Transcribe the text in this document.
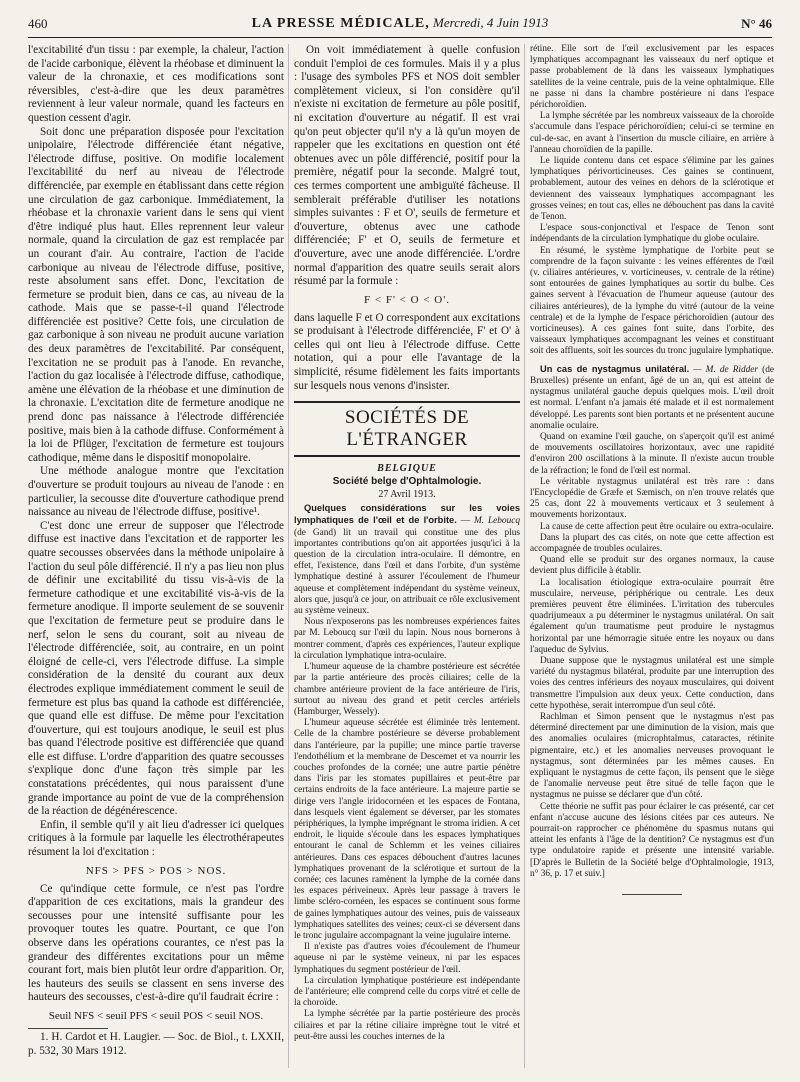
460	LA PRESSE MÉDICALE, Mercredi, 4 Juin 1913	N° 46

l'excitabilité d'un tissu : par exemple, la chaleur, l'action de l'acide carbonique, élèvent la rhéobase et diminuent la valeur de la chronaxie, et ces modifications sont réversibles, c'est-à-dire que les deux paramètres reviennent à leur valeur normale, quand les facteurs en question cessent d'agir.

Soit donc une préparation disposée pour l'excitation unipolaire, l'électrode différenciée étant négative, l'électrode diffuse, positive. On modifie localement l'excitabilité du nerf au niveau de l'électrode différenciée, par exemple en établissant dans cette région une circulation de gaz carbonique. Immédiatement, la rhéobase et la chronaxie varient dans le sens qui vient d'être indiqué plus haut. Elles reprennent leur valeur normale, quand la circulation de gaz est remplacée par un courant d'air. Au contraire, l'action de l'acide carbonique au niveau de l'électrode diffuse, positive, reste absolument sans effet. Donc, l'excitation de fermeture se produit bien, dans ce cas, au niveau de la cathode. Mais que se passe-t-il quand l'électrode différenciée est positive? Cette fois, une circulation de gaz carbonique à son niveau ne produit aucune variation des deux paramètres de l'excitabilité. Par conséquent, l'excitation ne se produit pas à l'anode. En revanche, l'action du gaz localisée à l'électrode diffuse, cathodique, amène une élévation de la rhéobase et une diminution de la chronaxie. L'excitation dite de fermeture anodique ne prend donc pas naissance à l'électrode différenciée positive, mais bien à la cathode diffuse. Conformément à la loi de Pflüger, l'excitation de fermeture est toujours cathodique, même dans le dispositif monopolaire.

Une méthode analogue montre que l'excitation d'ouverture se produit toujours au niveau de l'anode : en particulier, la secousse dite d'ouverture cathodique prend naissance au niveau de l'électrode diffuse, positive¹.

C'est donc une erreur de supposer que l'électrode diffuse est inactive dans l'excitation et de rapporter les quatre secousses observées dans la méthode unipolaire à l'action du seul pôle différencié. Il n'y a pas lieu non plus de définir une excitabilité du tissu vis-à-vis de la fermeture cathodique et une excitabilité vis-à-vis de la fermeture anodique. Il importe seulement de se souvenir que l'excitation de fermeture peut se produire dans le nerf, selon le sens du courant, soit au niveau de l'électrode différenciée, soit, au contraire, en un point éloigné de celle-ci, vers l'électrode diffuse. La simple considération de la densité du courant aux deux électrodes explique immédiatement comment le seuil de fermeture est plus bas quand la cathode est différenciée, que quand elle est diffuse. De même pour l'excitation d'ouverture, qui est toujours anodique, le seuil est plus bas quand l'électrode positive est différenciée que quand elle est diffuse. L'ordre d'apparition des quatre secousses s'explique donc d'une façon très simple par les constatations précédentes, qui nous paraissent d'une grande importance au point de vue de la compréhension de la réaction de dégénérescence.

Enfin, il semble qu'il y ait lieu d'adresser ici quelques critiques à la formule par laquelle les électrothérapeutes résument la loi d'excitation :

NFS > PFS > POS > NOS.

Ce qu'indique cette formule, ce n'est pas l'ordre d'apparition de ces excitations, mais la grandeur des secousses pour une intensité suffisante pour les provoquer toutes les quatre. Pourtant, ce que l'on observe dans les opérations courantes, ce n'est pas la grandeur des différentes excitations pour un même courant fort, mais bien plutôt leur ordre d'apparition. Or, les hauteurs des seuils se classent en sens inverse des hauteurs des secousses, c'est-à-dire qu'il faudrait écrire :

Seuil NFS < seuil PFS < seuil POS < seuil NOS.

1. H. Cardot et H. Laugier. — Soc. de Biol., t. LXXII, p. 532, 30 Mars 1912.

On voit immédiatement à quelle confusion conduit l'emploi de ces formules. Mais il y a plus : l'usage des symboles PFS et NOS doit sembler complètement vicieux, si l'on considère qu'il n'existe ni excitation de fermeture au pôle positif, ni excitation d'ouverture au négatif. Il est vrai qu'on peut objecter qu'il n'y a là qu'un moyen de rappeler que les excitations en question ont été obtenues avec un pôle différencié, positif pour la première, négatif pour la seconde. Malgré tout, ces termes comportent une ambiguïté fâcheuse. Il semblerait préférable d'utiliser les notations simples suivantes : F et O', seuils de fermeture et d'ouverture, obtenus avec une cathode différenciée; F' et O, seuils de fermeture et d'ouverture, avec une anode différenciée. L'ordre normal d'apparition des quatre seuils serait alors résumé par la formule :

F < F' < O < O'.

dans laquelle F et O correspondent aux excitations se produisant à l'électrode différenciée, F' et O' à celles qui ont lieu à l'électrode diffuse. Cette notation, qui a pour elle l'avantage de la simplicité, résume fidèlement les faits importants sur lesquels nous venons d'insister.

SOCIÉTÉS DE L'ÉTRANGER
BELGIQUE
Société belge d'Ophtalmologie.
27 Avril 1913.

Quelques considérations sur les voies lymphatiques de l'œil et de l'orbite. — M. Leboucq (de Gand) lit un travail qui constitue une des plus importantes contributions qu'on ait apportées jusqu'ici à la question de la circulation intra-oculaire. Il démontre, en effet, l'existence, dans l'œil et dans l'orbite, d'un système lymphatique destiné à assurer l'écoulement de l'humeur aqueuse et complètement indépendant du système veineux, alors que, jusqu'à ce jour, on attribuait ce rôle exclusivement au système veineux.

Nous n'exposerons pas les nombreuses expériences faites par M. Leboucq sur l'œil du lapin. Nous nous bornerons à montrer comment, d'après ces expériences, l'auteur explique la circulation lymphatique intra-oculaire.

L'humeur aqueuse de la chambre postérieure est sécrétée par la partie antérieure des procès ciliaires; celle de la chambre antérieure provient de la face antérieure de l'iris, surtout au niveau des grand et petit cercles artériels (Hamburger, Wessely).

L'humeur aqueuse sécrétée est éliminée très lentement. Celle de la chambre postérieure se déverse probablement dans l'antérieure, par la pupille; une mince partie traverse l'endothélium et la membrane de Descemet et va nourrir les couches profondes de la cornée; une autre partie pénètre dans l'iris par les stomates pupillaires et peut-être par certains endroits de la face antérieure. La majeure partie se dirige vers l'angle iridocornéen et les espaces de Fontana, dans lesquels vient également se déverser, par les stomates périphériques, la lymphe imprégnant le stroma iridien. A cet endroit, le liquide s'écoule dans les espaces lymphatiques entourant le canal de Schlemm et les veines ciliaires antérieures. Dans ces espaces débouchent d'autres lacunes lymphatiques provenant de la sclérotique et surtout de la cornée; ces lacunes ramènent la lymphe de la cornée dans les espaces périveineux. Après leur passage à travers le limbe scléro-cornéen, les espaces se continuent sous forme de gaines lymphatiques autour des veines, puis de vaisseaux lymphatiques satellites des veines; ceux-ci se déversent dans le tronc jugulaire accompagnant la veine jugulaire interne.

Il n'existe pas d'autres voies d'écoulement de l'humeur aqueuse ni par le système veineux, ni par les espaces lymphatiques du segment postérieur de l'œil.

La circulation lymphatique postérieure est indépendante de l'antérieure; elle comprend celle du corps vitré et celle de la choroïde.

La lymphe sécrétée par la partie postérieure des procès ciliaires et par la rétine ciliaire imprègne tout le vitré et peut-être aussi les couches internes de la

rétine. Elle sort de l'œil exclusivement par les espaces lymphatiques accompagnant les vaisseaux du nerf optique et passe probablement de là dans les vaisseaux lymphatiques satellites de la veine centrale, puis de la veine ophtalmique. Elle ne passe ni dans la chambre postérieure ni dans l'espace périchoroïdien.

La lymphe sécrétée par les nombreux vaisseaux de la choroïde s'accumule dans l'espace périchoroïdien; celui-ci se termine en cul-de-sac, en avant à l'insertion du muscle ciliaire, en arrière à l'anneau choroïdien de la papille.

Le liquide contenu dans cet espace s'élimine par les gaines lymphatiques périvorticineuses. Ces gaines se continuent, probablement, autour des veines en dehors de la sclérotique et deviennent des vaisseaux lymphatiques accompagnant les grosses veines; en tout cas, elles ne débouchent pas dans la cavité de Tenon.

L'espace sous-conjonctival et l'espace de Tenon sont indépendants de la circulation lymphatique du globe oculaire.

En résumé, le système lymphatique de l'orbite peut se comprendre de la façon suivante : les veines efférentes de l'œil (v. ciliaires antérieures, v. vorticineuses, v. centrale de la rétine) sont entourées de gaines lymphatiques au sortir du bulbe. Ces gaines servent à l'évacuation de l'humeur aqueuse (autour des ciliaires antérieures), de la lymphe du vitré (autour de la veine centrale) et de la lymphe de l'espace périchoroïdien (autour des vorticineuses). A ces gaines font suite, dans l'orbite, des vaisseaux lymphatiques accompagnant les veines et constituant soit des affluents, soit les sources du tronc jugulaire lymphatique.

Un cas de nystagmus unilatéral. — M. de Ridder (de Bruxelles) présente un enfant, âgé de un an, qui est atteint de nystagmus unilatéral gauche depuis quelques mois. L'œil droit est normal. L'enfant n'a jamais été malade et il est normalement développé. Les parents sont bien portants et ne présentent aucune anomalie oculaire.

Quand on examine l'œil gauche, on s'aperçoit qu'il est animé de mouvements oscillatoires horizontaux, avec une rapidité d'environ 200 oscillations à la minute. Il n'existe aucun trouble de la réfraction; le fond de l'œil est normal.

Le véritable nystagmus unilatéral est très rare : dans l'Encyclopédie de Græfe et Sæmisch, on n'en trouve relatés que 25 cas, dont 22 à mouvements verticaux et 3 seulement à mouvements horizontaux.

La cause de cette affection peut être oculaire ou extra-oculaire.

Dans la plupart des cas cités, on note que cette affection est accompagnée de troubles oculaires.

Quand elle se produit sur des organes normaux, la cause devient plus difficile à établir.

La localisation étiologique extra-oculaire pourrait être musculaire, nerveuse, périphérique ou centrale. Les deux premières peuvent être éliminées. L'irritation des tubercules quadrijumeaux a pu déterminer le nystagmus unilatéral. On sait également qu'un traumatisme peut produire le nystagmus horizontal par une hémorragie située entre les noyaux ou dans l'aqueduc de Sylvius.

Duane suppose que le nystagmus unilatéral est une simple variété du nystagmus bilatéral, produite par une interruption des voies des centres inférieurs des noyaux musculaires, qui doivent transmettre l'impulsion aux deux yeux. Cette conduction, dans cette hypothèse, serait interrompue d'un seul côté.

Rachlman et Simon pensent que le nystagmus n'est pas déterminé directement par une diminution de la vision, mais que des anomalies oculaires (microphtalmus, cataractes, rétinite pigmentaire, etc.) et les anomalies nerveuses provoquant le nystagmus, sont déterminées par les mêmes causes. En expliquant le nystagmus de cette façon, ils pensent que le siège de l'anomalie nerveuse peut être situé de telle façon que le nystagmus ne puisse se déclarer que d'un côté.

Cette théorie ne suffit pas pour éclairer le cas présenté, car cet enfant n'accuse aucune des lésions citées par ces auteurs. Ne pourrait-on rapprocher ce phénomène du spasmus nutans qui atteint les enfants à l'âge de la dentition? Ce nystagmus est d'un type ondulatoire rapide et présente une intensité variable. [D'après le Bulletin de la Société belge d'Ophtalmologie, 1913, n° 36, p. 17 et suiv.]
